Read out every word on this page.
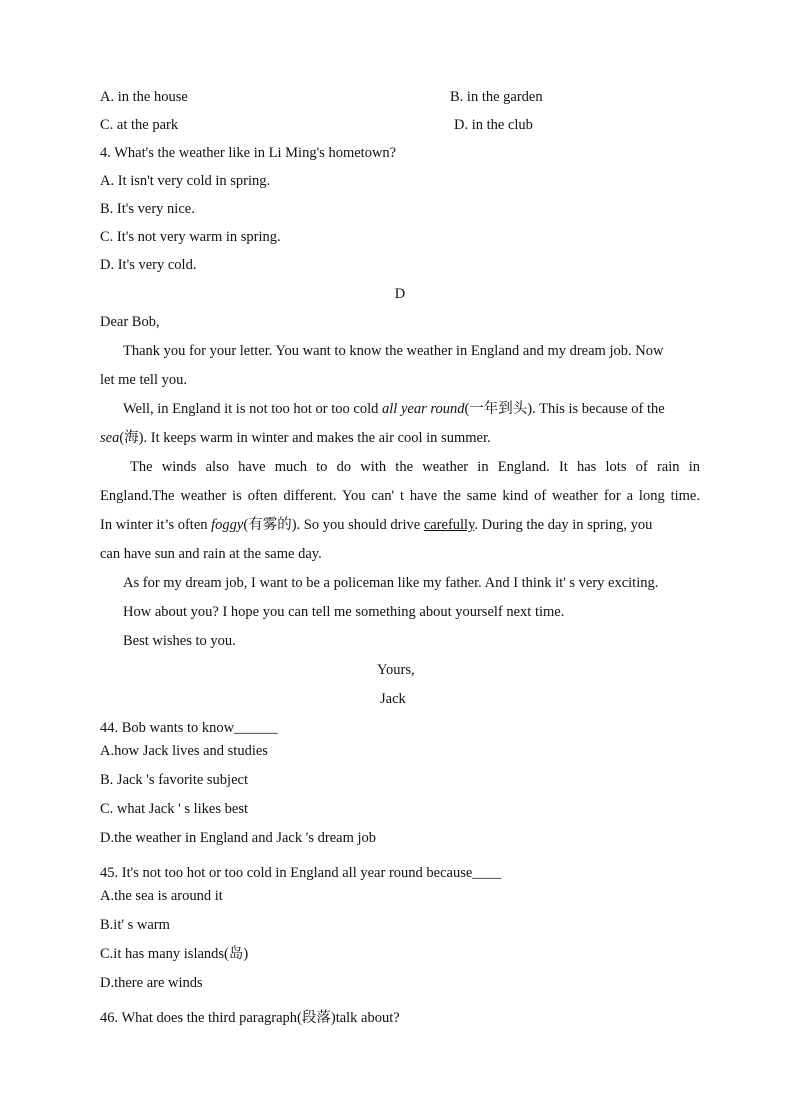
A. in the house	B. in the garden
C. at the park	D. in the club
4. What's the weather like in Li Ming's hometown?
A. It isn't very cold in spring.
B. It's very nice.
C. It's not very warm in spring.
D. It's very cold.
D
Dear Bob,
Thank you for your letter. You want to know the weather in England and my dream job. Now
let me tell you.
Well, in England it is not too hot or too cold all year round(一年到头). This is because of the
sea(海). It keeps warm in winter and makes the air cool in summer.
The winds also have much to do with the weather in England. It has lots of rain in
England.The weather is often different. You can' t have the same kind of weather for a long time.
In winter it’s often foggy(有雾的). So you should drive carefully. During the day in spring, you
can have sun and rain at the same day.
As for my dream job, I want to be a policeman like my father. And I think it' s very exciting.
How about you? I hope you can tell me something about yourself next time.
Best wishes to you.
Yours,
Jack
44. Bob wants to know______
A.how Jack lives and studies
B. Jack 's favorite subject
C. what Jack ' s likes best
D.the weather in England and Jack 's dream job
45. It's not too hot or too cold in England all year round because____
A.the sea is around it
B.it' s warm
C.it has many islands(岛)
D.there are winds
46. What does the third paragraph(段落)talk about?
